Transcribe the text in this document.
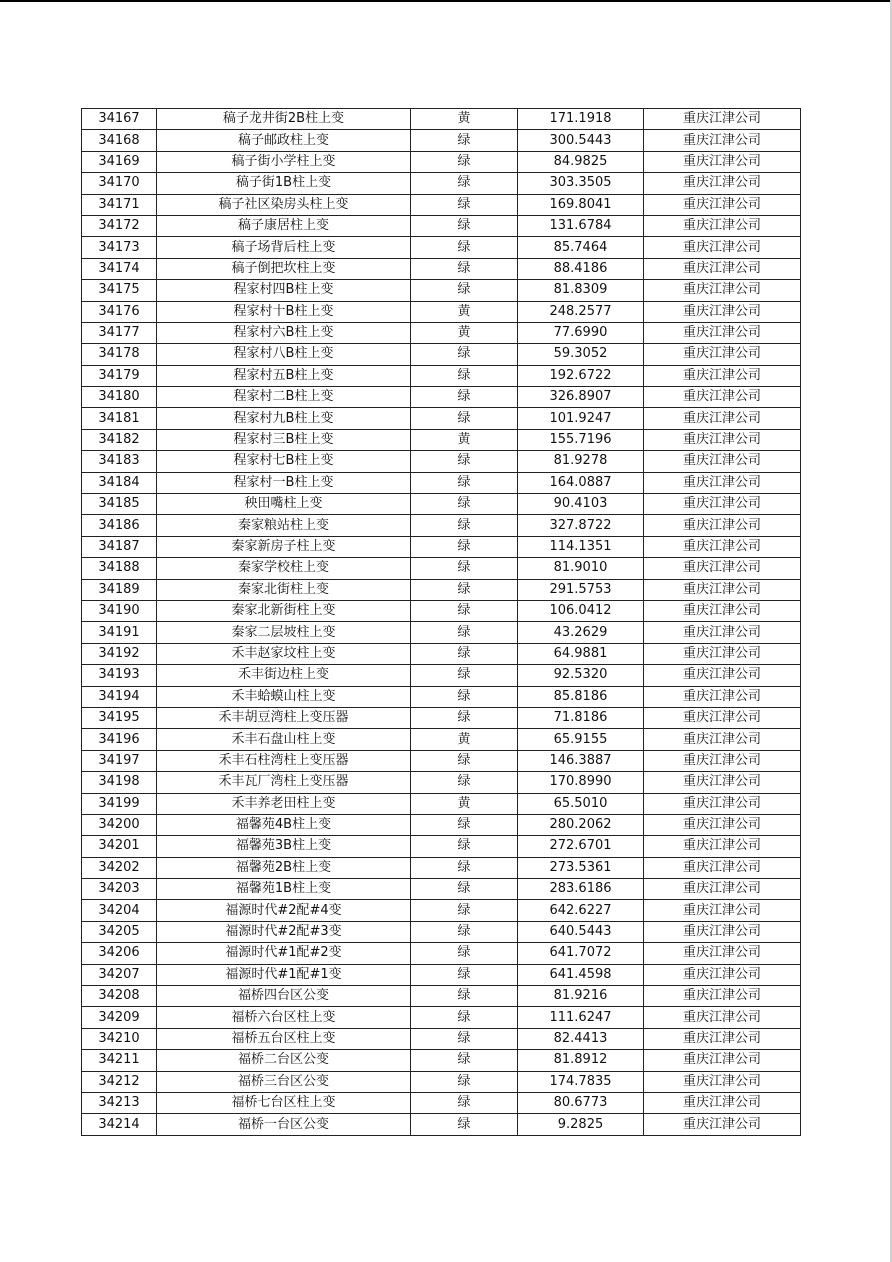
34167	稿子龙井街2B柱上变	黄	171.1918	重庆江津公司
34168	稿子邮政柱上变	绿	300.5443	重庆江津公司
34169	稿子街小学柱上变	绿	84.9825	重庆江津公司
34170	稿子街1B柱上变	绿	303.3505	重庆江津公司
34171	稿子社区染房头柱上变	绿	169.8041	重庆江津公司
34172	稿子康居柱上变	绿	131.6784	重庆江津公司
34173	稿子场背后柱上变	绿	85.7464	重庆江津公司
34174	稿子倒把坎柱上变	绿	88.4186	重庆江津公司
34175	程家村四B柱上变	绿	81.8309	重庆江津公司
34176	程家村十B柱上变	黄	248.2577	重庆江津公司
34177	程家村六B柱上变	黄	77.6990	重庆江津公司
34178	程家村八B柱上变	绿	59.3052	重庆江津公司
34179	程家村五B柱上变	绿	192.6722	重庆江津公司
34180	程家村二B柱上变	绿	326.8907	重庆江津公司
34181	程家村九B柱上变	绿	101.9247	重庆江津公司
34182	程家村三B柱上变	黄	155.7196	重庆江津公司
34183	程家村七B柱上变	绿	81.9278	重庆江津公司
34184	程家村一B柱上变	绿	164.0887	重庆江津公司
34185	秧田嘴柱上变	绿	90.4103	重庆江津公司
34186	秦家粮站柱上变	绿	327.8722	重庆江津公司
34187	秦家新房子柱上变	绿	114.1351	重庆江津公司
34188	秦家学校柱上变	绿	81.9010	重庆江津公司
34189	秦家北街柱上变	绿	291.5753	重庆江津公司
34190	秦家北新街柱上变	绿	106.0412	重庆江津公司
34191	秦家二层坡柱上变	绿	43.2629	重庆江津公司
34192	禾丰赵家坟柱上变	绿	64.9881	重庆江津公司
34193	禾丰街边柱上变	绿	92.5320	重庆江津公司
34194	禾丰蛤蟆山柱上变	绿	85.8186	重庆江津公司
34195	禾丰胡豆湾柱上变压器	绿	71.8186	重庆江津公司
34196	禾丰石盘山柱上变	黄	65.9155	重庆江津公司
34197	禾丰石柱湾柱上变压器	绿	146.3887	重庆江津公司
34198	禾丰瓦厂湾柱上变压器	绿	170.8990	重庆江津公司
34199	禾丰养老田柱上变	黄	65.5010	重庆江津公司
34200	福馨苑4B柱上变	绿	280.2062	重庆江津公司
34201	福馨苑3B柱上变	绿	272.6701	重庆江津公司
34202	福馨苑2B柱上变	绿	273.5361	重庆江津公司
34203	福馨苑1B柱上变	绿	283.6186	重庆江津公司
34204	福源时代#2配#4变	绿	642.6227	重庆江津公司
34205	福源时代#2配#3变	绿	640.5443	重庆江津公司
34206	福源时代#1配#2变	绿	641.7072	重庆江津公司
34207	福源时代#1配#1变	绿	641.4598	重庆江津公司
34208	福桥四台区公变	绿	81.9216	重庆江津公司
34209	福桥六台区柱上变	绿	111.6247	重庆江津公司
34210	福桥五台区柱上变	绿	82.4413	重庆江津公司
34211	福桥二台区公变	绿	81.8912	重庆江津公司
34212	福桥三台区公变	绿	174.7835	重庆江津公司
34213	福桥七台区柱上变	绿	80.6773	重庆江津公司
34214	福桥一台区公变	绿	9.2825	重庆江津公司
